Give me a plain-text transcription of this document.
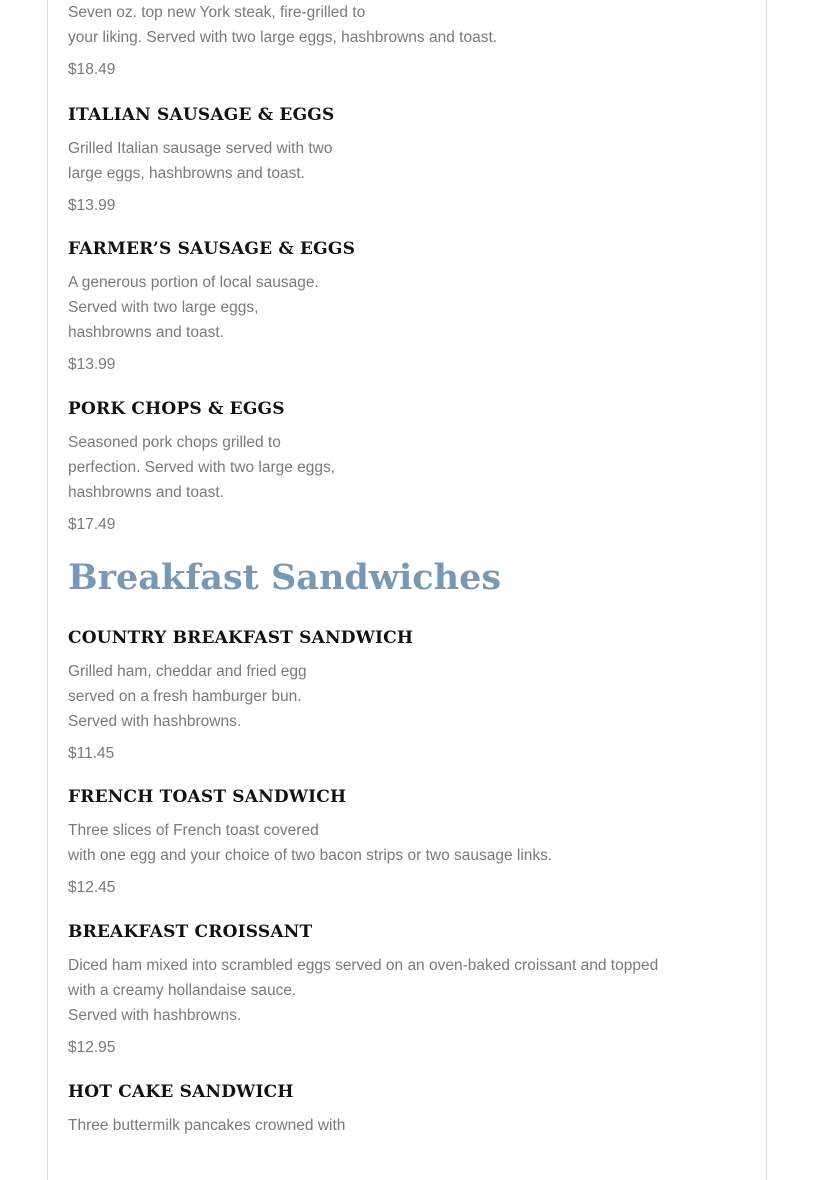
Seven oz. top new York steak, fire-grilled to
your liking. Served with two large eggs, hashbrowns and toast.

$18.49

ITALIAN SAUSAGE & EGGS

Grilled Italian sausage served with two
large eggs, hashbrowns and toast.

$13.99

FARMER’S SAUSAGE & EGGS

A generous portion of local sausage.
Served with two large eggs,
hashbrowns and toast.

$13.99

PORK CHOPS & EGGS

Seasoned pork chops grilled to
perfection. Served with two large eggs,
hashbrowns and toast.

$17.49

Breakfast Sandwiches
COUNTRY BREAKFAST SANDWICH

Grilled ham, cheddar and fried egg
served on a fresh hamburger bun.
Served with hashbrowns.

$11.45

FRENCH TOAST SANDWICH

Three slices of French toast covered
with one egg and your choice of two bacon strips or two sausage links.

$12.45

BREAKFAST CROISSANT

Diced ham mixed into scrambled eggs served on an oven-baked croissant and topped
with a creamy hollandaise sauce.
Served with hashbrowns.

$12.95

HOT CAKE SANDWICH

Three buttermilk pancakes crowned with
